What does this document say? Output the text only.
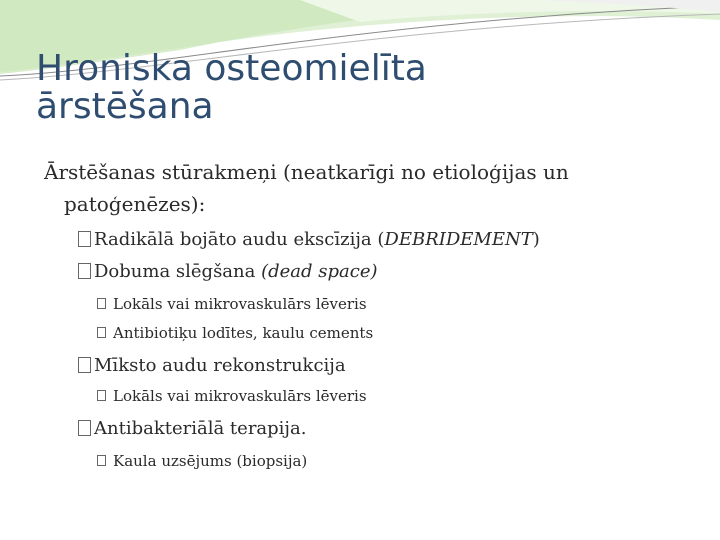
Hroniska osteomielīta
ārstēšana
Ārstēšanas stūrakmeņi (neatkarīgi no etioloģijas un
patoģenēzes):
Radikālā bojāto audu ekscīzija (DEBRIDEMENT)
Dobuma slēgšana (dead space)
Lokāls vai mikrovaskulārs lēveris
Antibiotiķu lodītes, kaulu cements
Mīksto audu rekonstrukcija
Lokāls vai mikrovaskulārs lēveris
Antibakteriālā terapija.
Kaula uzsējums (biopsija)
